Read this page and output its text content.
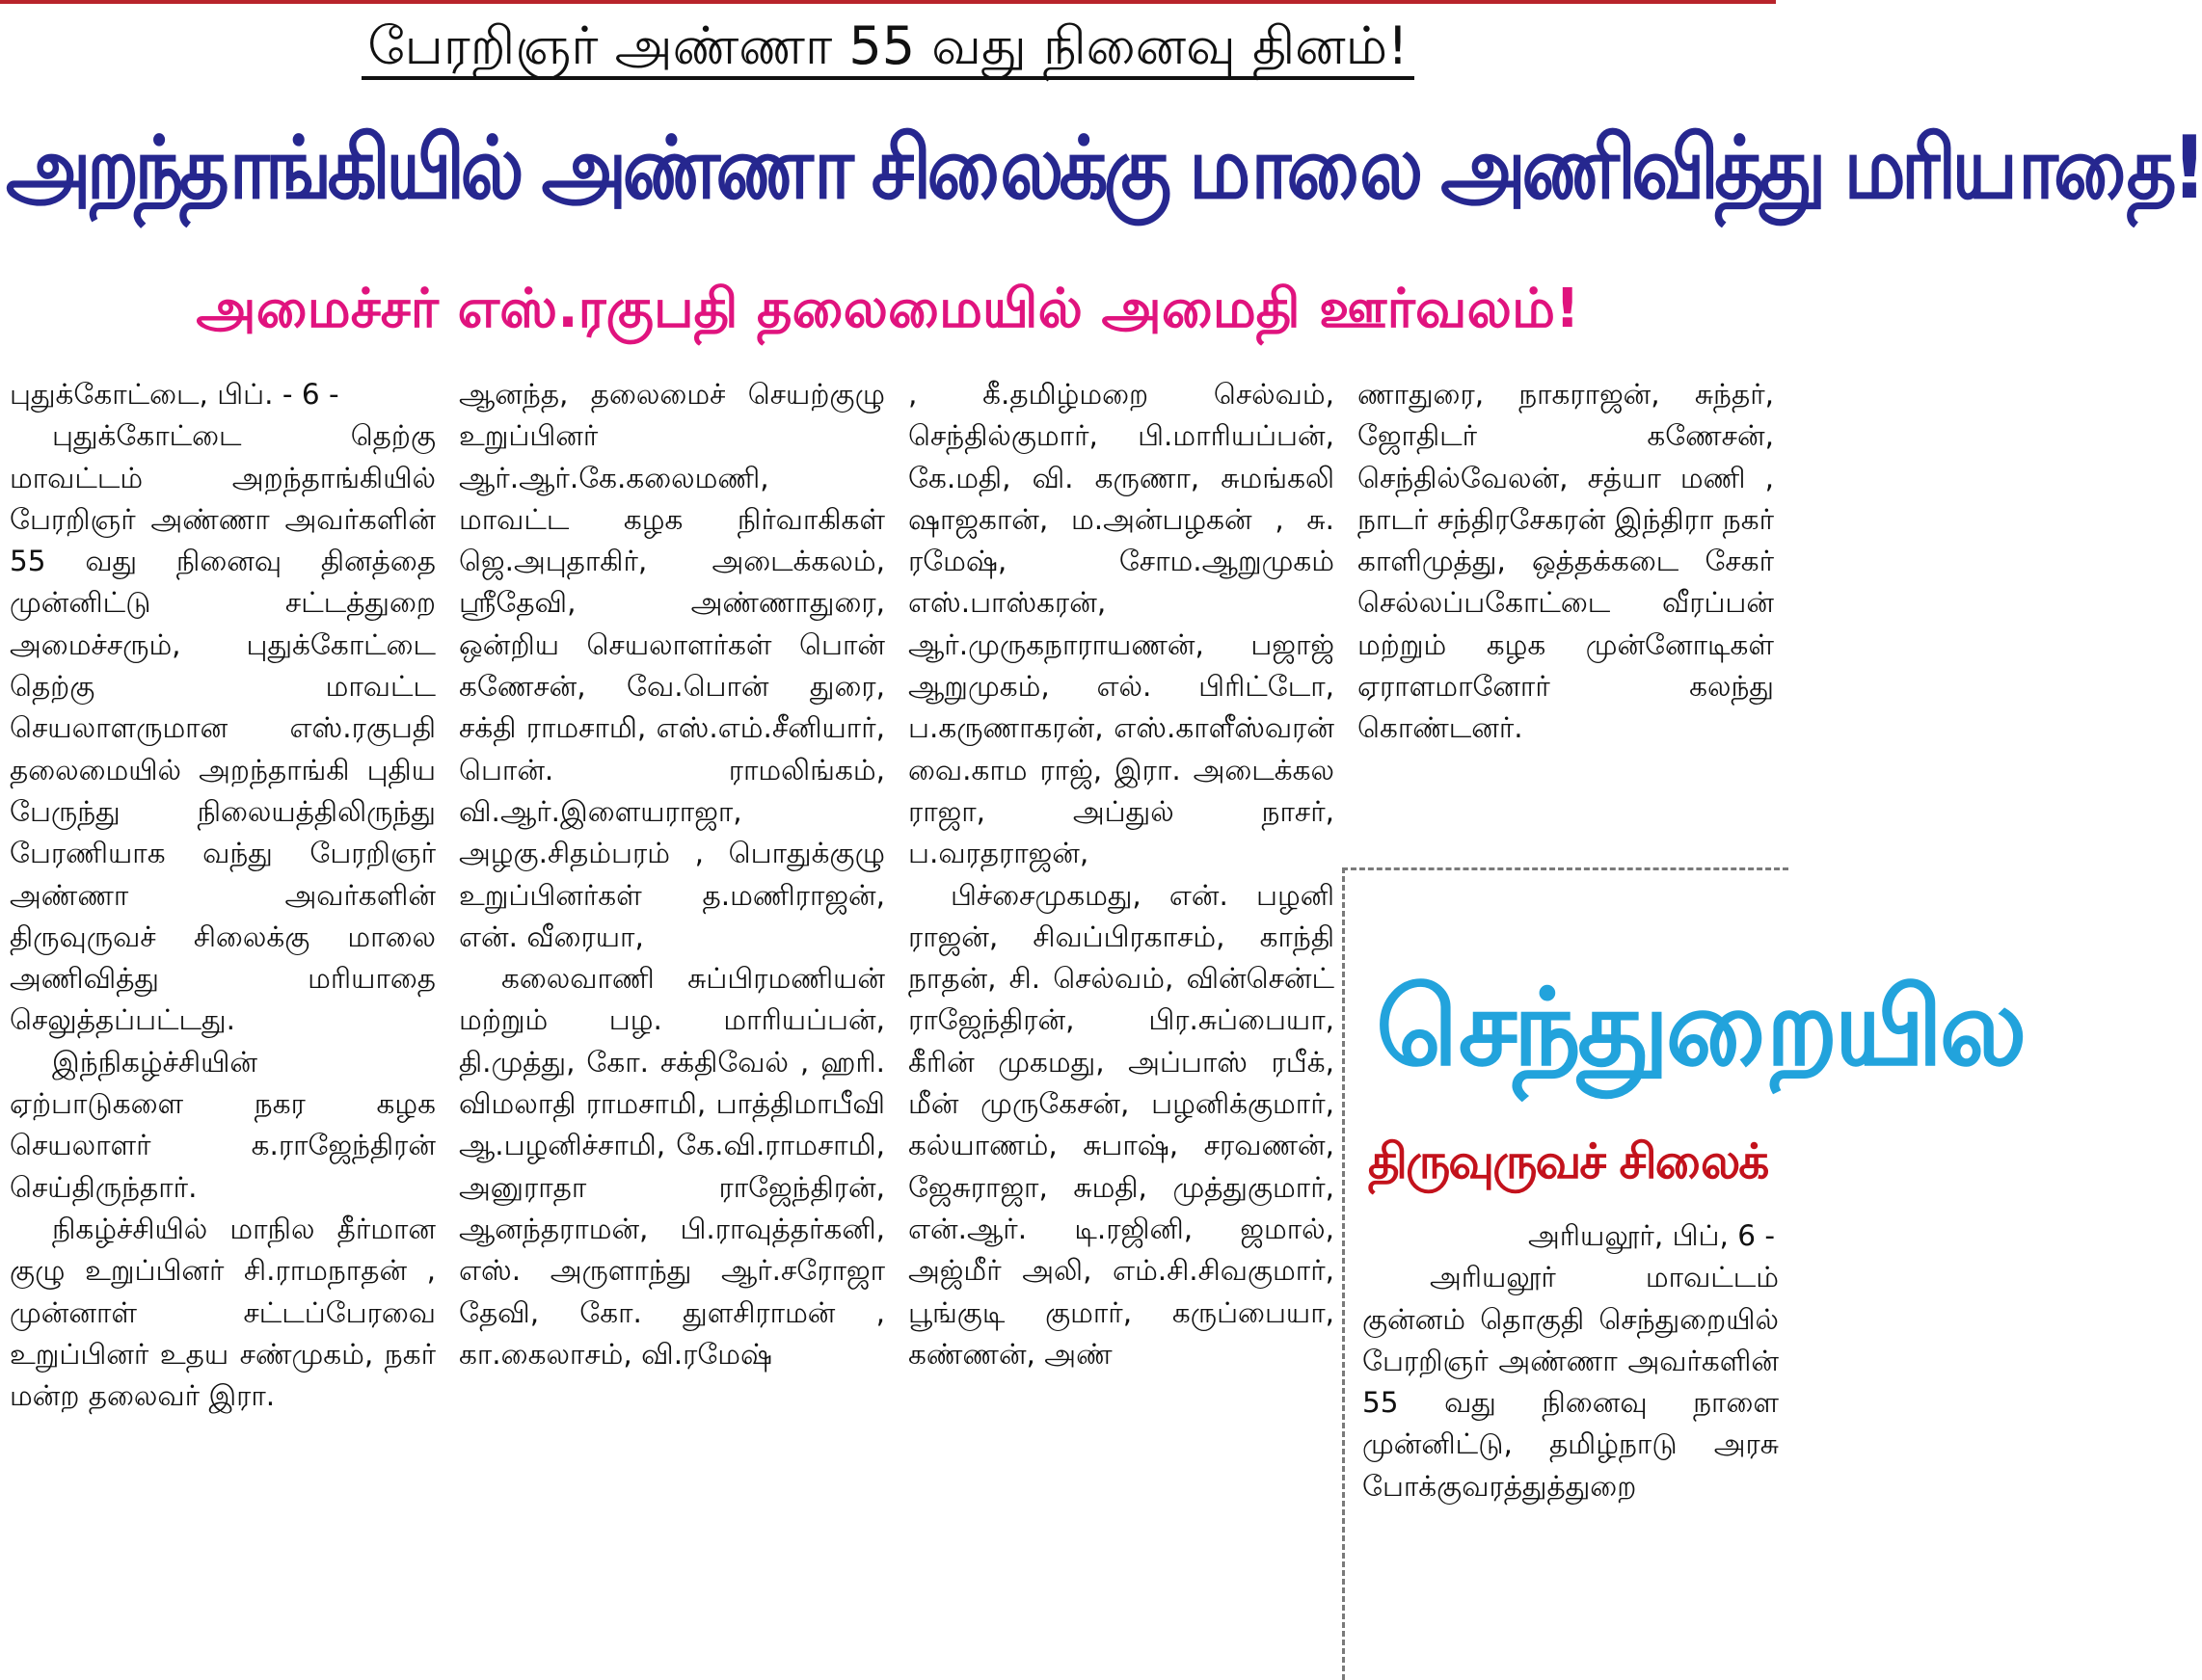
பேரறிஞர் அண்ணா 55 வது நினைவு தினம்!
அறந்தாங்கியில் அண்ணா சிலைக்கு மாலை அணிவித்து மரியாதை!
அமைச்சர் எஸ்.ரகுபதி தலைமையில் அமைதி ஊர்வலம்!

புதுக்கோட்டை, பிப். - 6 -

புதுக்கோட்டை தெற்கு மாவட்டம் அறந்தாங்கியில் பேரறிஞர் அண்ணா அவர்களின் 55 வது நினைவு தினத்தை முன்னிட்டு சட்டத்துறை அமைச்சரும், புதுக்கோட்டை தெற்கு மாவட்ட செயலாளருமான எஸ்.ரகுபதி தலைமையில் அறந்தாங்கி புதிய பேருந்து நிலையத்திலிருந்து பேரணியாக வந்து பேரறிஞர் அண்ணா அவர்களின் திருவுருவச் சிலைக்கு மாலை அணிவித்து மரியாதை செலுத்தப்பட்டது.

இந்நிகழ்ச்சியின் ஏற்பாடுகளை நகர கழக செயலாளர் க.ராஜேந்திரன் செய்திருந்தார்.

நிகழ்ச்சியில் மாநில தீர்மான குழு உறுப்பினர் சி.ராமநாதன் , முன்னாள் சட்டப்பேரவை உறுப்பினர் உதய சண்முகம், நகர் மன்ற தலைவர் இரா.

ஆனந்த, தலைமைச் செயற்குழு உறுப்பினர் ஆர்.ஆர்.கே.கலைமணி, மாவட்ட கழக நிர்வாகிகள் ஜெ.அபுதாகிர், அடைக்கலம், ஸ்ரீதேவி, அண்ணாதுரை, ஒன்றிய செயலாளர்கள் பொன் கணேசன், வே.பொன் துரை, சக்தி ராமசாமி, எஸ்.எம்.சீனியார், பொன். ராமலிங்கம், வி.ஆர்.இளையராஜா, அழகு.சிதம்பரம் , பொதுக்குழு உறுப்பினர்கள் த.மணிராஜன், என். வீரையா,

கலைவாணி சுப்பிரமணியன் மற்றும் பழ. மாரியப்பன், தி.முத்து, கோ. சக்திவேல் , ஹரி. விமலாதி ராமசாமி, பாத்திமாபீவி ஆ.பழனிச்சாமி, கே.வி.ராமசாமி, அனுராதா ராஜேந்திரன், ஆனந்தராமன், பி.ராவுத்தர்கனி, எஸ். அருளாந்து ஆர்.சரோஜா தேவி, கோ. துளசிராமன் , கா.கைலாசம், வி.ரமேஷ்

, கீ.தமிழ்மறை செல்வம், செந்தில்குமார், பி.மாரியப்பன், கே.மதி, வி. கருணா, சுமங்கலி ஷாஜகான், ம.அன்பழகன் , சு. ரமேஷ், சோம.ஆறுமுகம் எஸ்.பாஸ்கரன், ஆர்.முருகநாராயணன், பஜாஜ் ஆறுமுகம், எல். பிரிட்டோ, ப.கருணாகரன், எஸ்.காளீஸ்வரன் வை.காம ராஜ், இரா. அடைக்கல ராஜா, அப்துல் நாசர், ப.வரதராஜன்,

பிச்சைமுகமது, என். பழனி ராஜன், சிவப்பிரகாசம், காந்தி நாதன், சி. செல்வம், வின்சென்ட் ராஜேந்திரன், பிர.சுப்பையா, கீரின் முகமது, அப்பாஸ் ரபீக், மீன் முருகேசன், பழனிக்குமார், கல்யாணம், சுபாஷ், சரவணன், ஜேசுராஜா, சுமதி, முத்துகுமார், என்.ஆர். டி.ரஜினி, ஜமால், அஜ்மீர் அலி, எம்.சி.சிவகுமார், பூங்குடி குமார், கருப்பையா, கண்ணன், அண்

ணாதுரை, நாகராஜன், சுந்தர், ஜோதிடர் கணேசன், செந்தில்வேலன், சத்யா மணி , நாடர் சந்திரசேகரன் இந்திரா நகர் காளிமுத்து, ஒத்தக்கடை சேகர் செல்லப்பகோட்டை வீரப்பன் மற்றும் கழக முன்னோடிகள் ஏராளமானோர் கலந்து கொண்டனர்.

செந்துறையில
திருவுருவச் சிலைக்

அரியலூர், பிப், 6 -

அரியலூர் மாவட்டம் குன்னம் தொகுதி செந்துறையில் பேரறிஞர் அண்ணா அவர்களின் 55 வது நினைவு நாளை முன்னிட்டு, தமிழ்நாடு அரசு போக்குவரத்துத்துறை
